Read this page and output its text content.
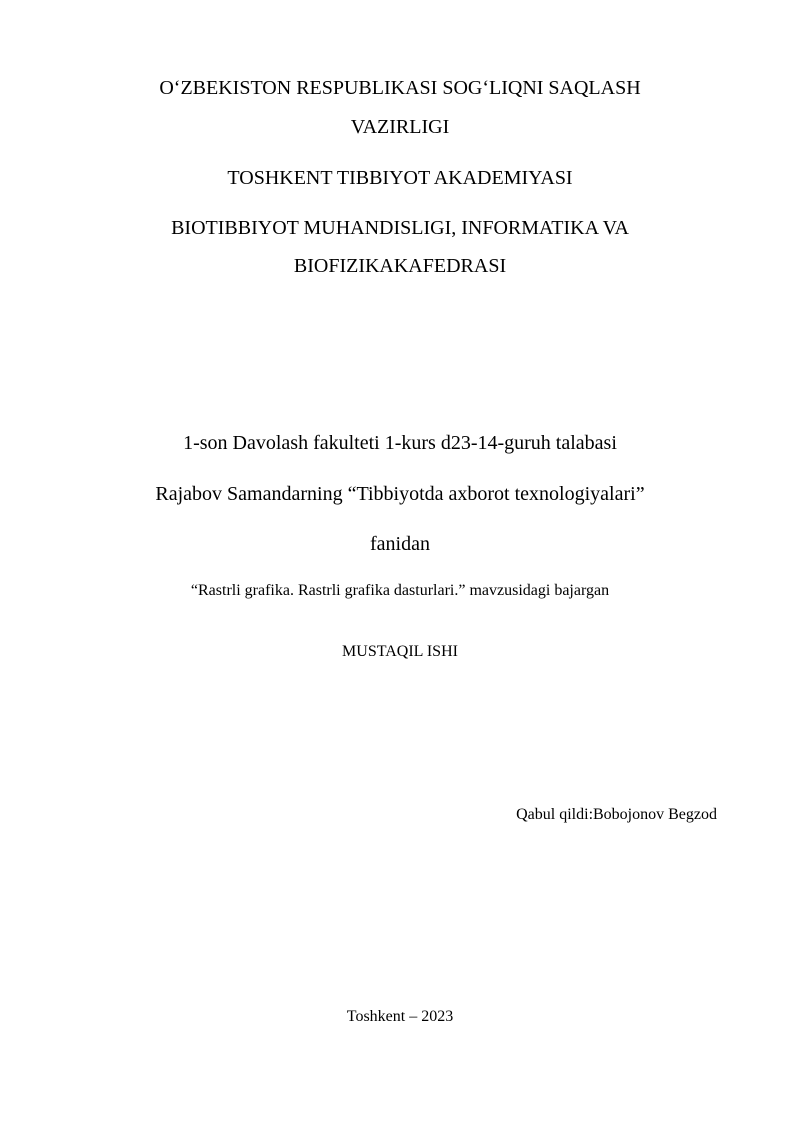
O‘ZBEKISTON RESPUBLIKASI SOG‘LIQNI SAQLASH
VAZIRLIGI
TOSHKENT TIBBIYOT AKADEMIYASI
BIOTIBBIYOT MUHANDISLIGI, INFORMATIKA VA
BIOFIZIKAKAFEDRASI
1-son Davolash fakulteti 1-kurs d23-14-guruh talabasi
Rajabov Samandarning “Tibbiyotda axborot texnologiyalari”
fanidan
“Rastrli grafika. Rastrli grafika dasturlari.” mavzusidagi bajargan
MUSTAQIL ISHI
Qabul qildi:Bobojonov Begzod
Toshkent – 2023
